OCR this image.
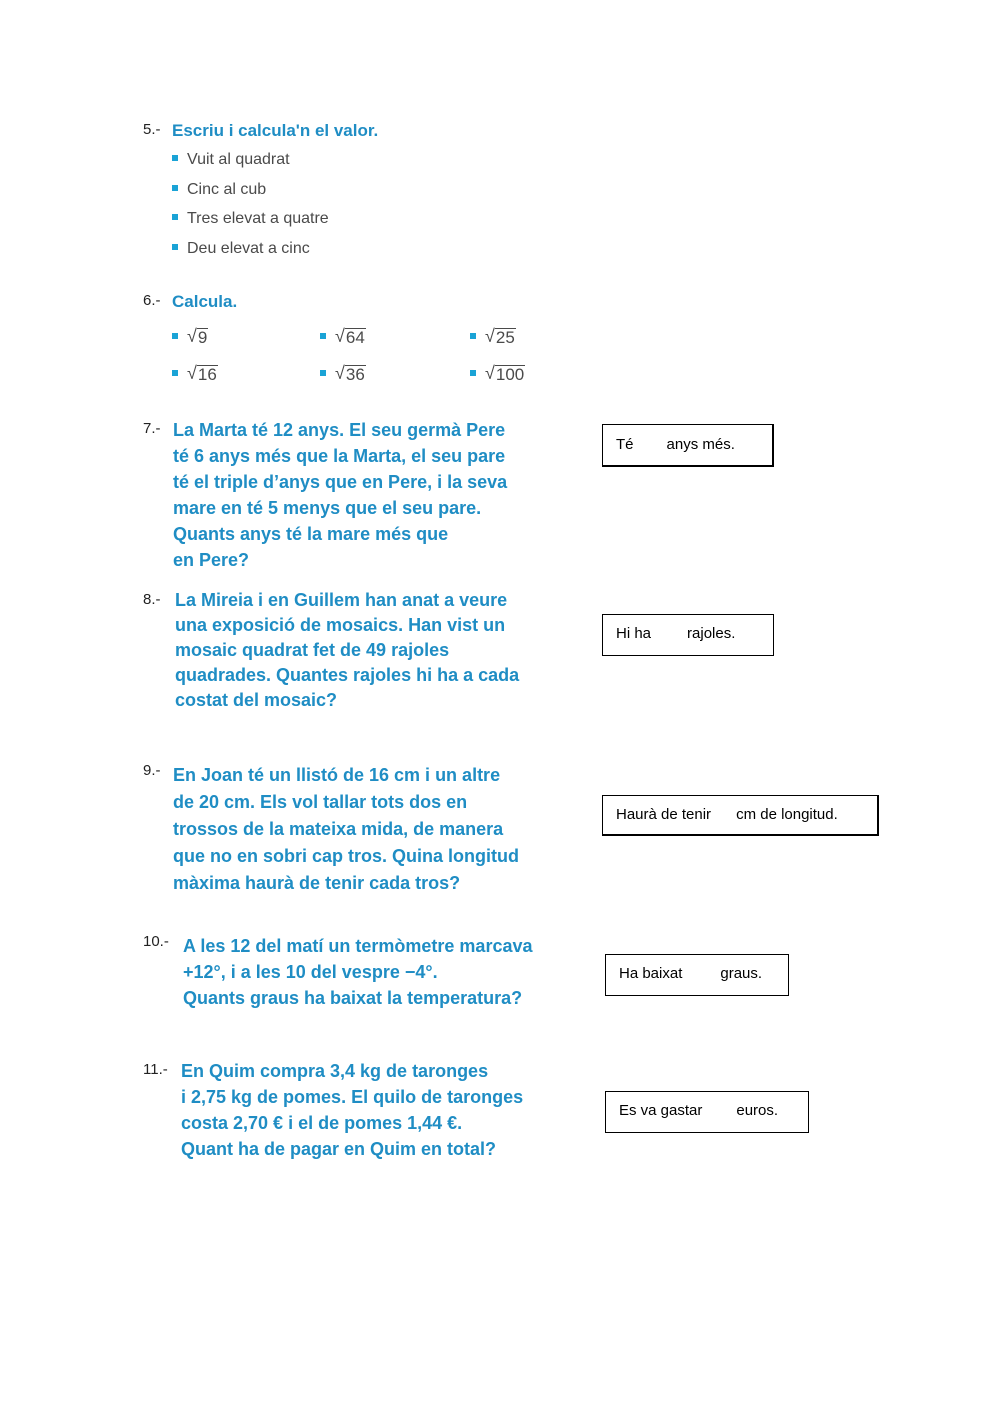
5.- Escriu i calcula'n el valor.
Vuit al quadrat
Cinc al cub
Tres elevat a quatre
Deu elevat a cinc
6.- Calcula.
√ 9	√ 64	√ 25
√ 16	√ 36	√ 100
7.- La Marta té 12 anys. El seu germà Pere
té 6 anys més que la Marta, el seu pare
té el triple d’anys que en Pere, i la seva
mare en té 5 menys que el seu pare.
Quants anys té la mare més que
en Pere?
Té anys més.
8.- La Mireia i en Guillem han anat a veure
una exposició de mosaics. Han vist un
mosaic quadrat fet de 49 rajoles
quadrades. Quantes rajoles hi ha a cada
costat del mosaic?
Hi ha rajoles.
9.- En Joan té un llistó de 16 cm i un altre
de 20 cm. Els vol tallar tots dos en
trossos de la mateixa mida, de manera
que no en sobri cap tros. Quina longitud
màxima haurà de tenir cada tros?
Haurà de tenir cm de longitud.
10.- A les 12 del matí un termòmetre marcava
+12°, i a les 10 del vespre −4°.
Quants graus ha baixat la temperatura?
Ha baixat	graus.
11.- En Quim compra 3,4 kg de taronges
i 2,75 kg de pomes. El quilo de taronges
costa 2,70 € i el de pomes 1,44 €.
Quant ha de pagar en Quim en total?
Es va gastar euros.
